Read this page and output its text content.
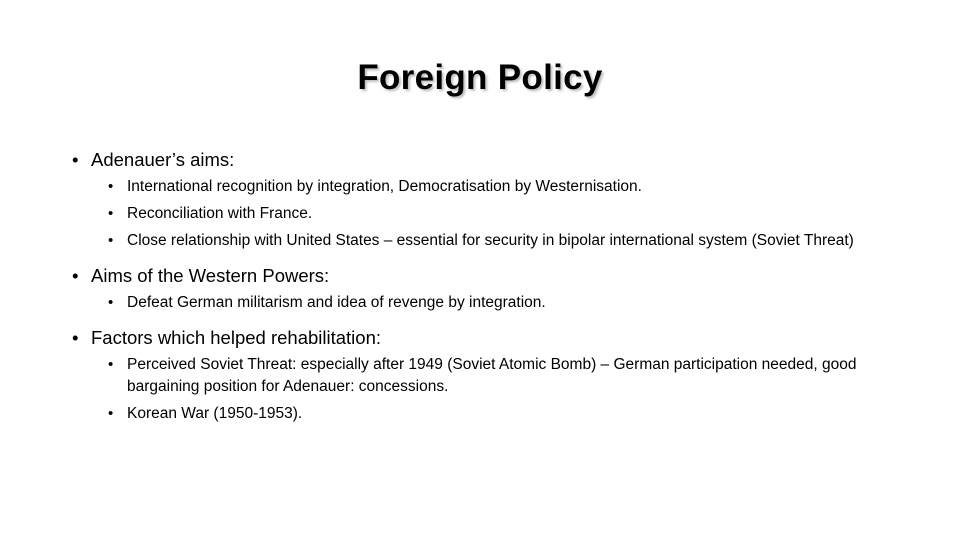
Foreign Policy
• Adenauer’s aims:
• International recognition by integration, Democratisation by Westernisation.
• Reconciliation with France.
• Close relationship with United States – essential for security in bipolar international system (Soviet Threat)
• Aims of the Western Powers:
• Defeat German militarism and idea of revenge by integration.
• Factors which helped rehabilitation:
• Perceived Soviet Threat: especially after 1949 (Soviet Atomic Bomb) – German participation needed, good bargaining position for Adenauer: concessions.
• Korean War (1950-1953).
